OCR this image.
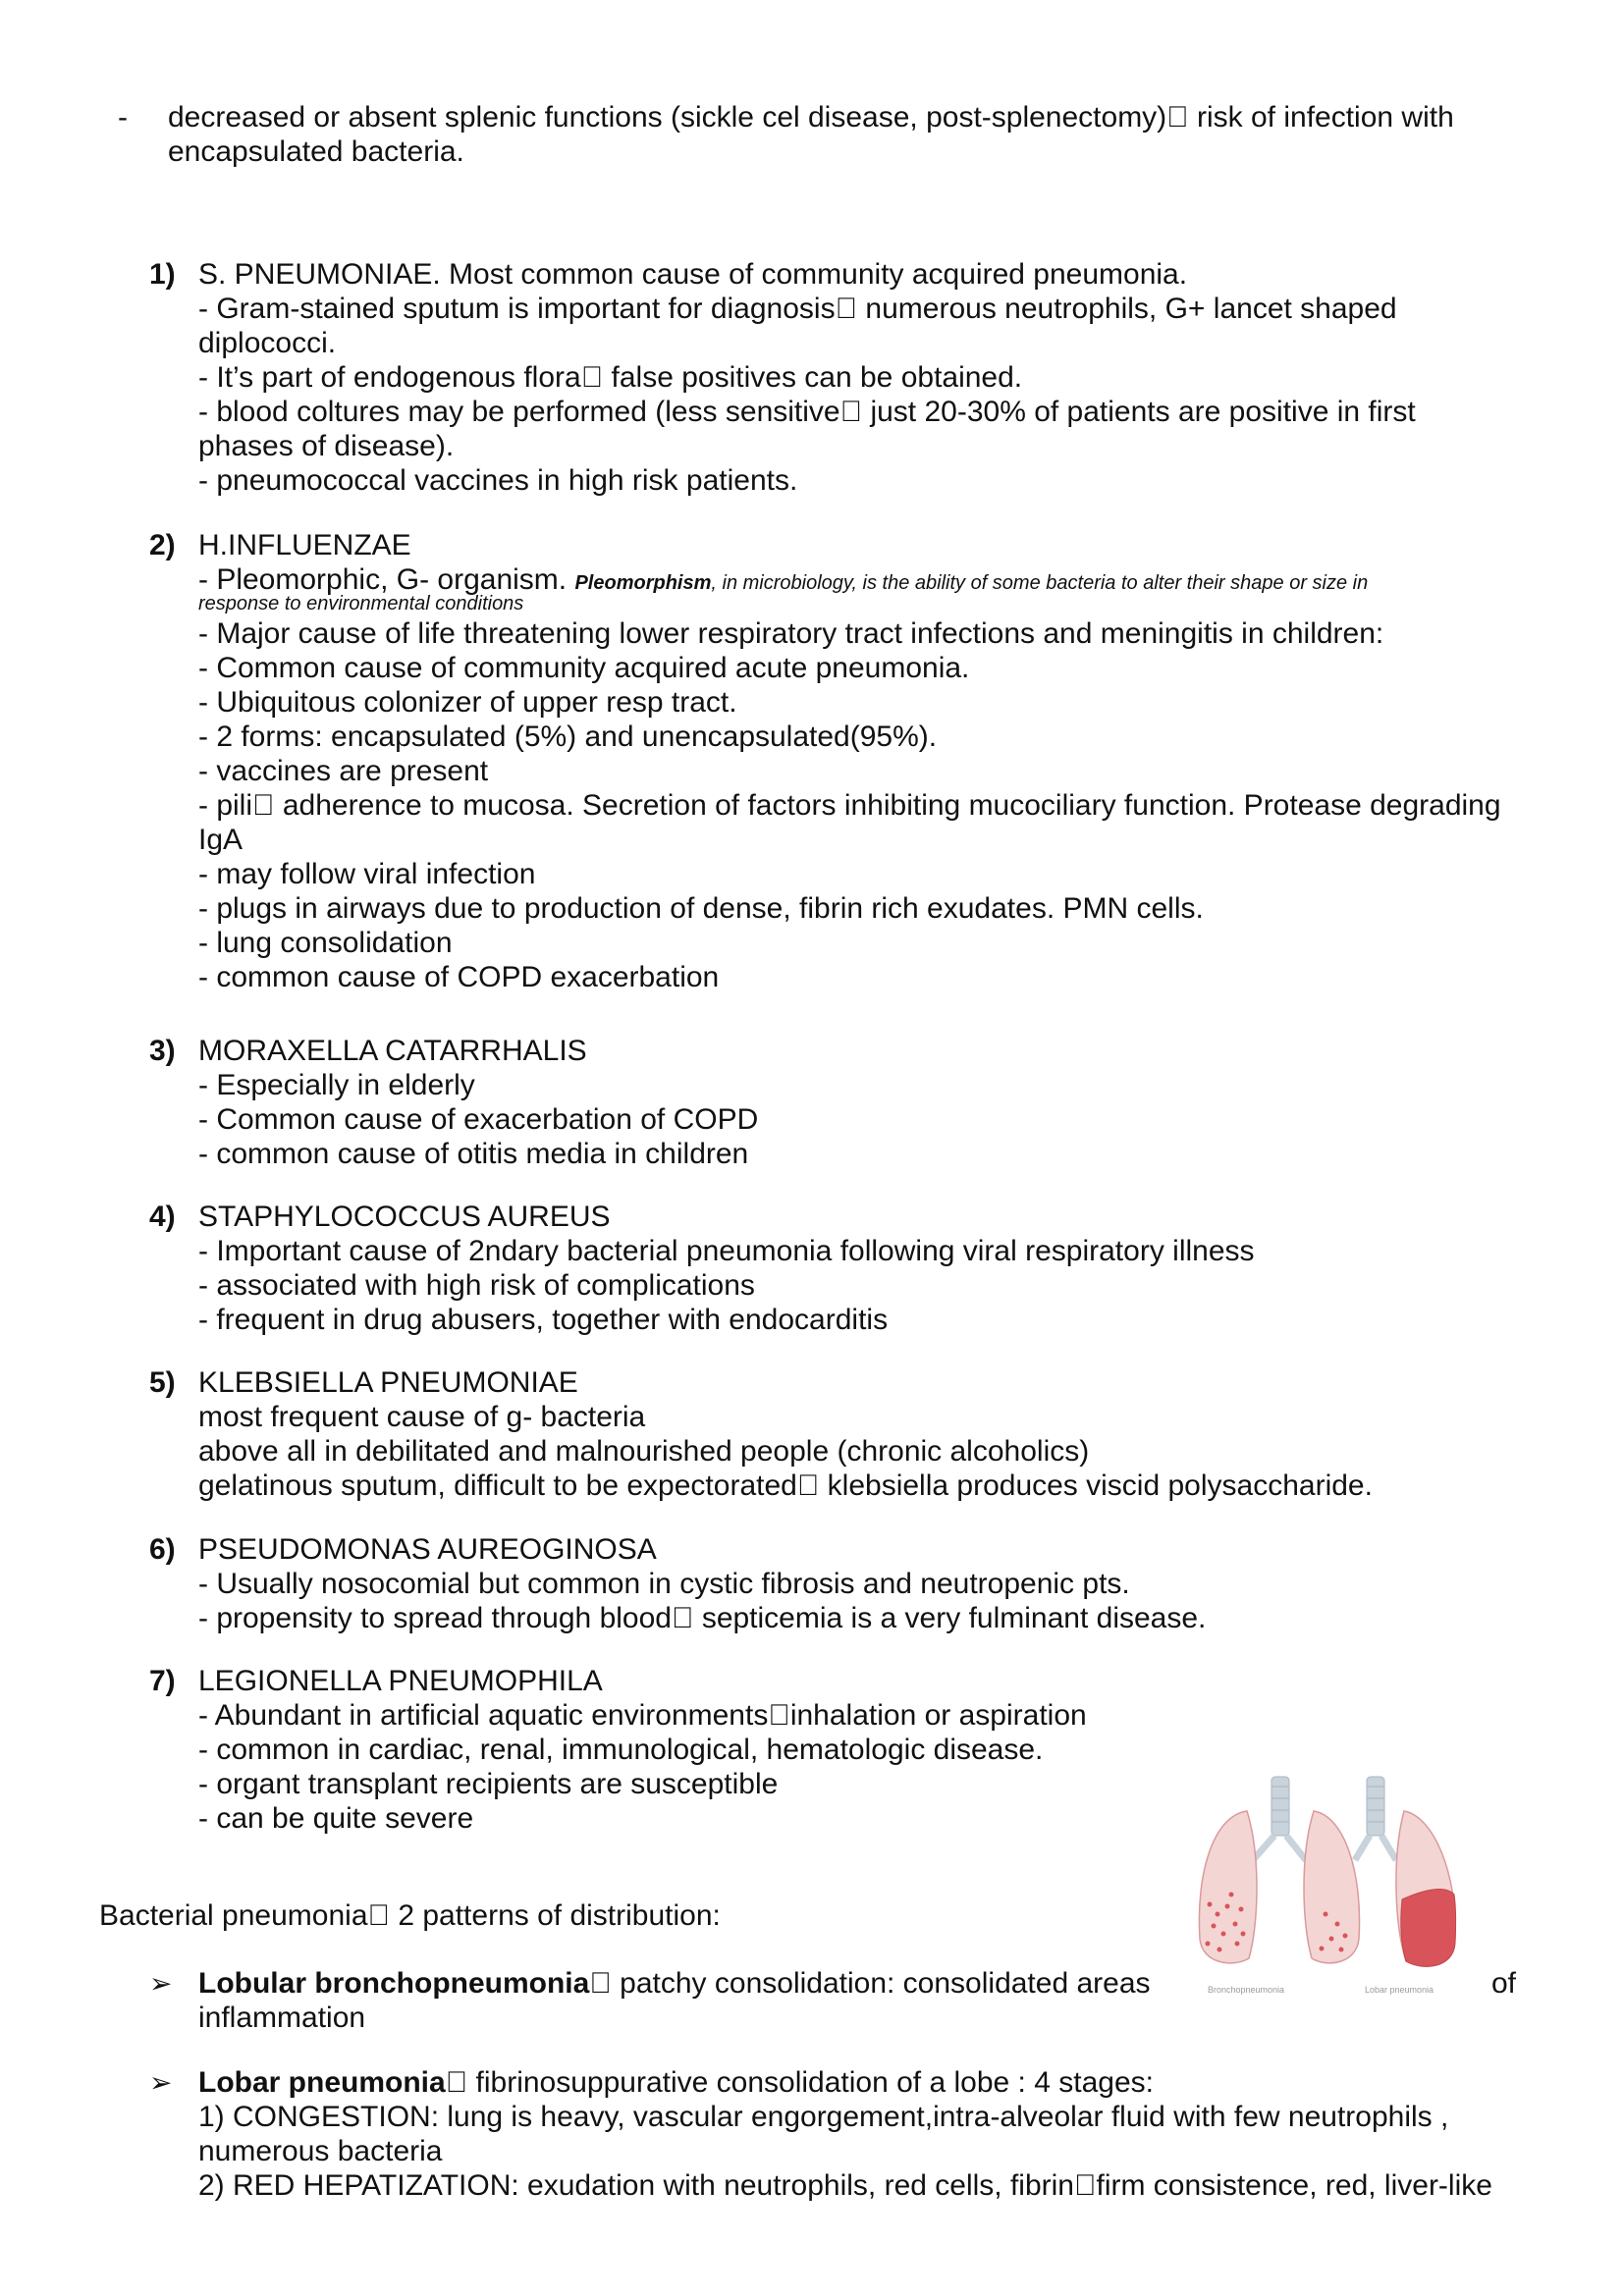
- decreased or absent splenic functions (sickle cel disease, post-splenectomy)  risk of infection with
encapsulated bacteria.
1) S. PNEUMONIAE. Most common cause of community acquired pneumonia.
- Gram-stained sputum is important for diagnosis  numerous neutrophils, G+ lancet shaped
diplococci.
- It’s part of endogenous flora  false positives can be obtained.
- blood coltures may be performed (less sensitive  just 20-30% of patients are positive in first
phases of disease).
- pneumococcal vaccines in high risk patients.
2) H.INFLUENZAE
- Pleomorphic, G- organism. Pleomorphism, in microbiology, is the ability of some bacteria to alter their shape or size in
response to environmental conditions
- Major cause of life threatening lower respiratory tract infections and meningitis in children:
- Common cause of community acquired acute pneumonia.
- Ubiquitous colonizer of upper resp tract.
- 2 forms: encapsulated (5%) and unencapsulated(95%).
- vaccines are present
- pili  adherence to mucosa. Secretion of factors inhibiting mucociliary function. Protease degrading
IgA
- may follow viral infection
- plugs in airways due to production of dense, fibrin rich exudates. PMN cells.
- lung consolidation
- common cause of COPD exacerbation
3) MORAXELLA CATARRHALIS
- Especially in elderly
- Common cause of exacerbation of COPD
- common cause of otitis media in children
4) STAPHYLOCOCCUS AUREUS
- Important cause of 2ndary bacterial pneumonia following viral respiratory illness
- associated with high risk of complications
- frequent in drug abusers, together with endocarditis
5) KLEBSIELLA PNEUMONIAE
most frequent cause of g- bacteria
above all in debilitated and malnourished people (chronic alcoholics)
gelatinous sputum, difficult to be expectorated  klebsiella produces viscid polysaccharide.
6) PSEUDOMONAS AUREOGINOSA
- Usually nosocomial but common in cystic fibrosis and neutropenic pts.
- propensity to spread through blood  septicemia is a very fulminant disease.
7) LEGIONELLA PNEUMOPHILA
- Abundant in artificial aquatic environments inhalation or aspiration
- common in cardiac, renal, immunological, hematologic disease.
- organt transplant recipients are susceptible
- can be quite severe
Bacterial pneumonia  2 patterns of distribution:
➢ Lobular bronchopneumonia  patchy consolidation: consolidated areas
inflammation
of
➢ Lobar pneumonia  fibrinosuppurative consolidation of a lobe : 4 stages:
1) CONGESTION: lung is heavy, vascular engorgement,intra-alveolar fluid with few neutrophils ,
numerous bacteria
2) RED HEPATIZATION: exudation with neutrophils, red cells, fibrin firm consistence, red, liver-like
Bronchopneumonia	Lobar pneumonia
